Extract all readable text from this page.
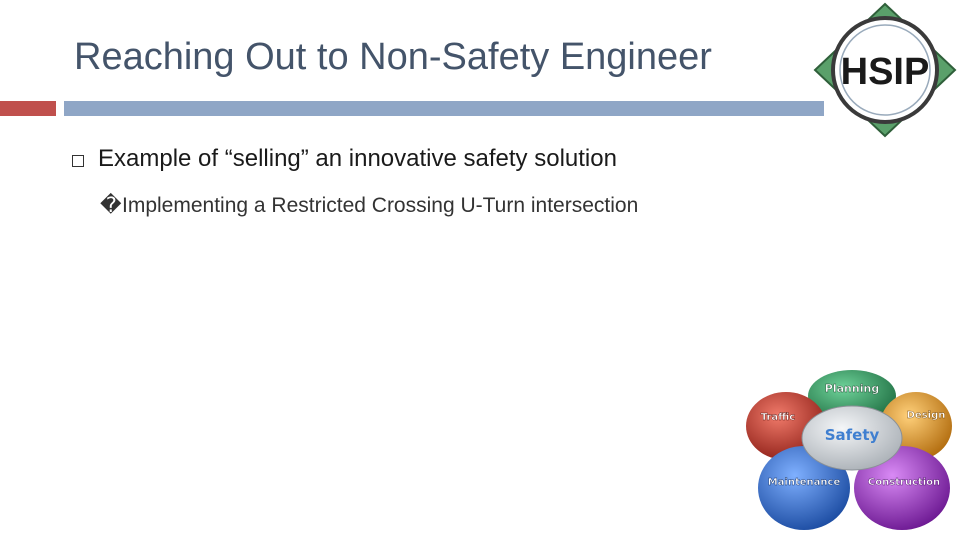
Reaching Out to Non-Safety Engineer
Example of “selling” an innovative safety solution
�Implementing a Restricted Crossing U-Turn intersection
HSIP
Planning
Traffic	Design
Safety
Maintenance	Construction
